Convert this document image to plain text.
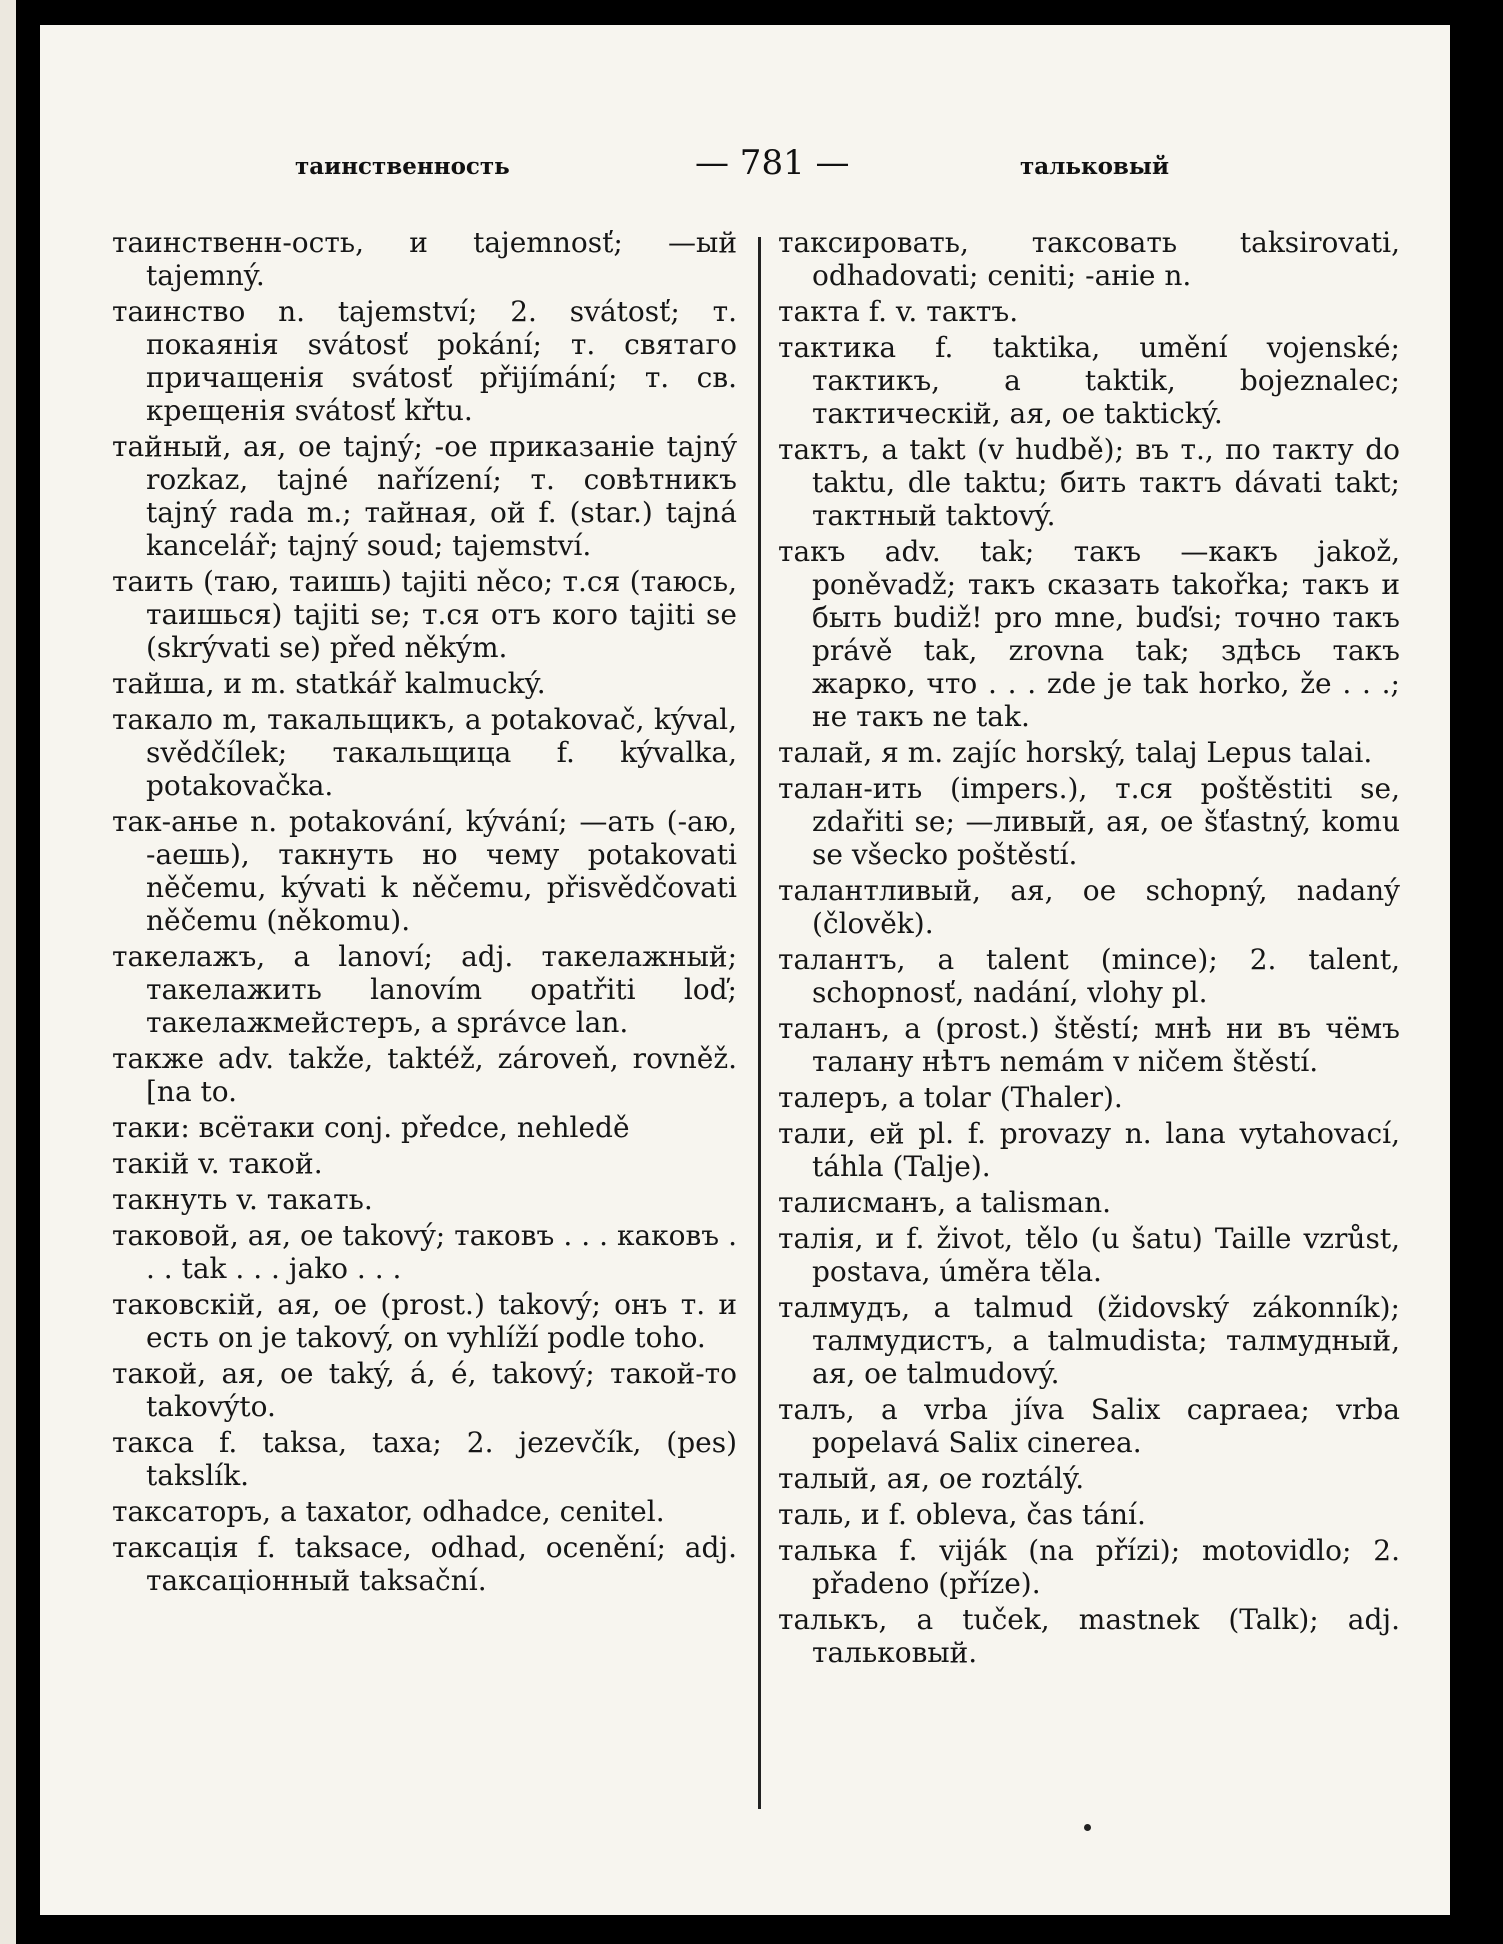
таинственность	— 781 —	тальковый

таинственн-ость, и tajemnosť; —ый tajemný.

таинство n. tajemství; 2. svátosť; т. покаянія svátosť pokání; т. святаго причащенія svátosť přijímání; т. св. крещенія svátosť křtu.

тайный, ая, ое tajný; -ое приказаніе tajný rozkaz, tajné nařízení; т. совѣтникъ tajný rada m.; тайная, ой f. (star.) tajná kancelář; tajný soud; tajemství.

таить (таю, таишь) tajiti něco; т.ся (таюсь, таишься) tajiti se; т.ся отъ кого tajiti se (skrývati se) před někým.

тайша, и m. statkář kalmucký.

такало m, такальщикъ, a potakovač, kýval, svědčílek; такальщица f. kývalka, potakovačka.

так-анье n. potakování, kývání; —ать (-аю, -аешь), такнуть но чему potakovati něčemu, kývati k něčemu, přisvědčovati něčemu (někomu).

такелажъ, a lanoví; adj. такелажный; такелажить lanovím opatřiti loď; такелажмейстеръ, a správce lan.

также adv. takže, taktéž, zároveň, rovněž. [na to.

таки: всётаки conj. předce, nehledě

такій v. такой.

такнуть v. такать.

таковой, ая, ое takový; таковъ . . . каковъ . . . tak . . . jako . . .

таковскій, ая, ое (prost.) takový; онъ т. и есть on je takový, on vyhlíží podle toho.

такой, ая, ое taký, á, é, takový; такой-то takovýto.

такса f. taksa, taxa; 2. jezevčík, (pes) takslík.

таксаторъ, a taxator, odhadce, cenitel.

таксація f. taksace, odhad, ocenění; adj. таксаціонный taksační.

таксировать, таксовать taksirovati, odhadovati; ceniti; -аніе n.

такта f. v. тактъ.

тактика f. taktika, umění vojenské; тактикъ, a taktik, bojeznalec; тактическій, ая, ое taktický.

тактъ, a takt (v hudbě); въ т., по такту do taktu, dle taktu; бить тактъ dávati takt; тактный taktový.

такъ adv. tak; такъ —какъ jakož, poněvadž; такъ сказать takořka; такъ и быть budiž! pro mne, buďsi; точно такъ právě tak, zrovna tak; здѣсь такъ жарко, что . . . zde je tak horko, že . . .; не такъ ne tak.

талай, я m. zajíc horský, talaj Lepus talai.

талан-ить (impers.), т.ся poštěstiti se, zdařiti se; —ливый, ая, ое šťastný, komu se všecko poštěstí.

талантливый, ая, ое schopný, nadaný (člověk).

талантъ, a talent (mince); 2. talent, schopnosť, nadání, vlohy pl.

таланъ, a (prost.) štěstí; мнѣ ни въ чёмъ таланy нѣтъ nemám v ničem štěstí.

талеръ, a tolar (Thaler).

тали, ей pl. f. provazy n. lana vytahovací, táhla (Talje).

талисманъ, a talisman.

талія, и f. život, tělo (u šatu) Taille vzrůst, postava, úměra těla.

талмудъ, a talmud (židovský zákonník); талмудистъ, a talmudista; талмудный, ая, ое talmudový.

талъ, a vrba jíva Salix capraea; vrba popelavá Salix cinerea.

талый, ая, ое roztálý.

таль, и f. obleva, čas tání.

талька f. viják (na přízi); motovidlo; 2. přadeno (příze).

талькъ, a tuček, mastnek (Talk); adj. тальковый.
